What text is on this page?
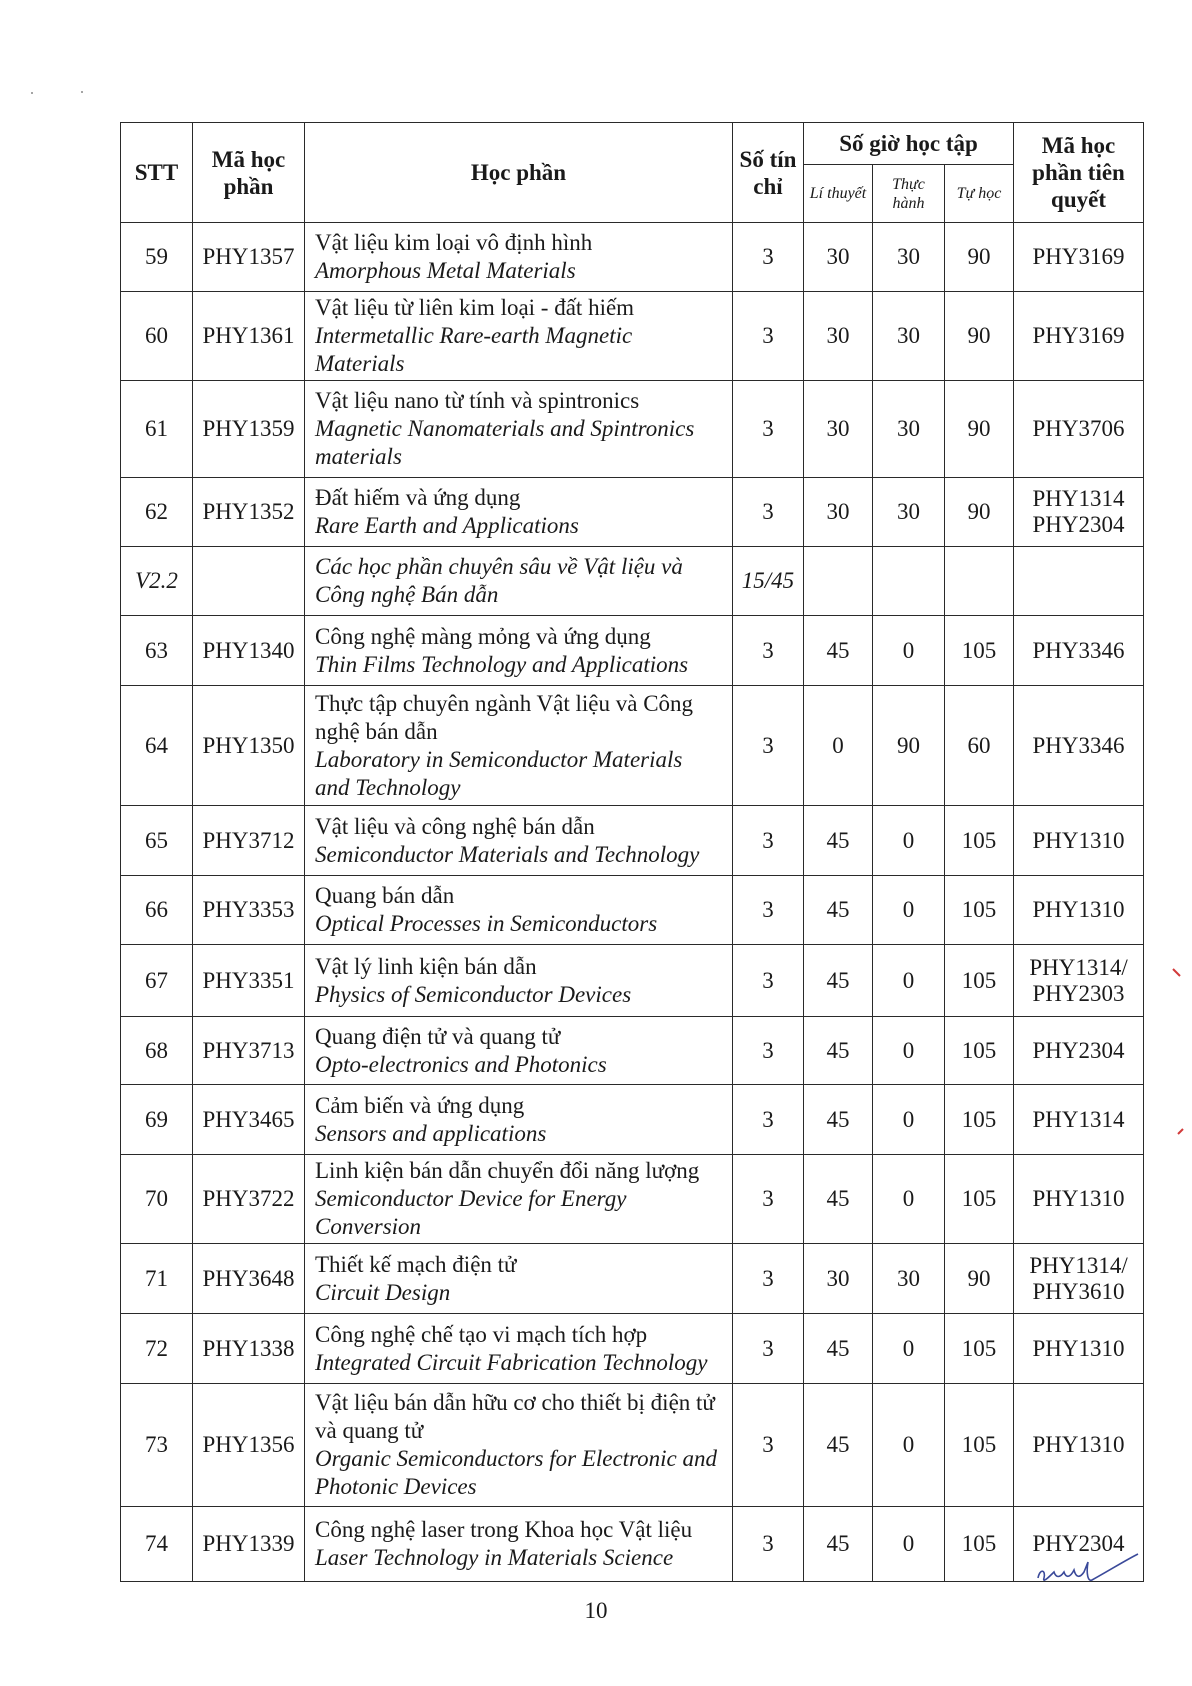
STT	Mã học phần	Học phần	Số tín chỉ	Số giờ học tập			Mã học phần tiên quyết
				Lí thuyết	Thực hành	Tự học	
59	PHY1357	Vật liệu kim loại vô định hình
Amorphous Metal Materials	3	30	30	90	PHY3169
60	PHY1361	Vật liệu từ liên kim loại - đất hiếm
Intermetallic Rare-earth Magnetic Materials	3	30	30	90	PHY3169
61	PHY1359	Vật liệu nano từ tính và spintronics
Magnetic Nanomaterials and Spintronics materials	3	30	30	90	PHY3706
62	PHY1352	Đất hiếm và ứng dụng
Rare Earth and Applications	3	30	30	90	PHY1314 PHY2304
V2.2		Các học phần chuyên sâu về Vật liệu và Công nghệ Bán dẫn	15/45				
63	PHY1340	Công nghệ màng mỏng và ứng dụng
Thin Films Technology and Applications	3	45	0	105	PHY3346
64	PHY1350	Thực tập chuyên ngành Vật liệu và Công nghệ bán dẫn
Laboratory in Semiconductor Materials and Technology	3	0	90	60	PHY3346
65	PHY3712	Vật liệu và công nghệ bán dẫn
Semiconductor Materials and Technology	3	45	0	105	PHY1310
66	PHY3353	Quang bán dẫn
Optical Processes in Semiconductors	3	45	0	105	PHY1310
67	PHY3351	Vật lý linh kiện bán dẫn
Physics of Semiconductor Devices	3	45	0	105	PHY1314/ PHY2303
68	PHY3713	Quang điện tử và quang tử
Opto-electronics and Photonics	3	45	0	105	PHY2304
69	PHY3465	Cảm biến và ứng dụng
Sensors and applications	3	45	0	105	PHY1314
70	PHY3722	Linh kiện bán dẫn chuyển đổi năng lượng
Semiconductor Device for Energy Conversion	3	45	0	105	PHY1310
71	PHY3648	Thiết kế mạch điện tử
Circuit Design	3	30	30	90	PHY1314/ PHY3610
72	PHY1338	Công nghệ chế tạo vi mạch tích hợp
Integrated Circuit Fabrication Technology	3	45	0	105	PHY1310
73	PHY1356	Vật liệu bán dẫn hữu cơ cho thiết bị điện tử và quang tử
Organic Semiconductors for Electronic and Photonic Devices	3	45	0	105	PHY1310
74	PHY1339	Công nghệ laser trong Khoa học Vật liệu
Laser Technology in Materials Science	3	45	0	105	PHY2304
10
